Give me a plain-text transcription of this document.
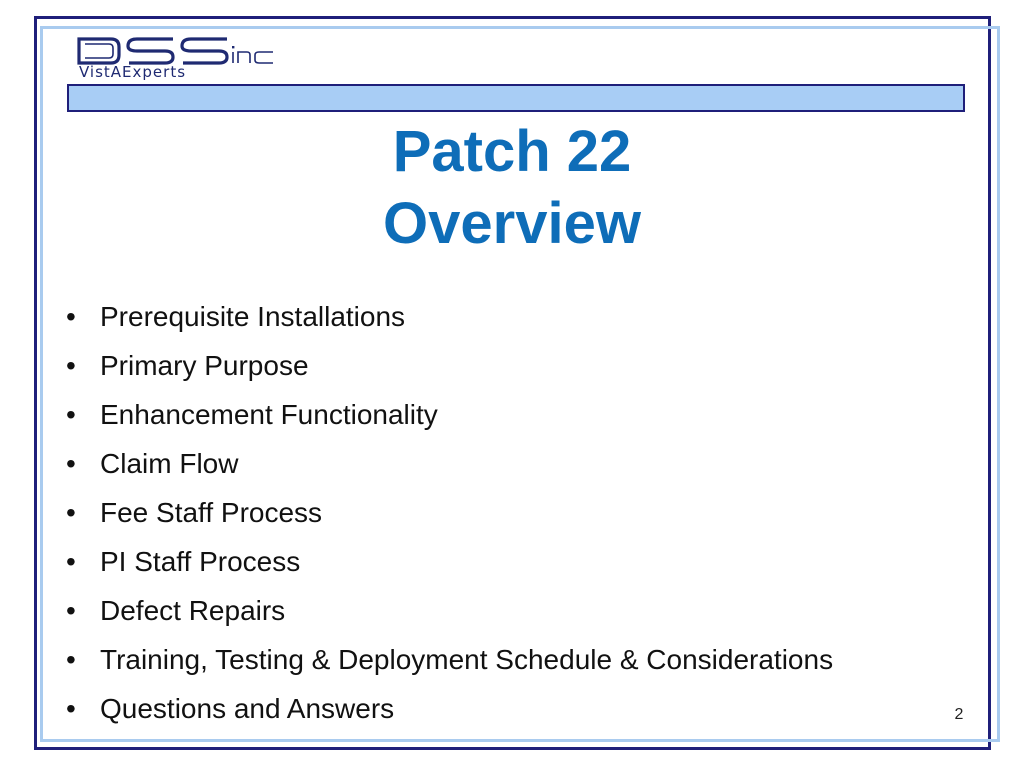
VistAExperts
Patch 22
Overview
• Prerequisite Installations
• Primary Purpose
• Enhancement Functionality
• Claim Flow
• Fee Staff Process
• PI Staff Process
• Defect Repairs
• Training, Testing & Deployment Schedule & Considerations
• Questions and Answers	2
